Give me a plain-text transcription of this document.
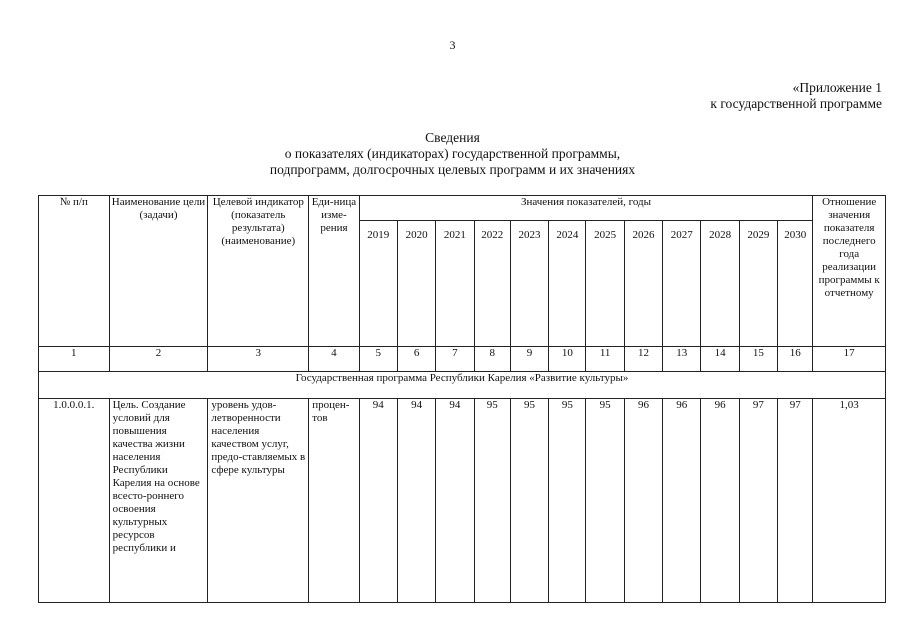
3
«Приложение 1
к государственной программе
Сведения
о показателях (индикаторах) государственной программы,
подпрограмм, долгосрочных целевых программ и их значениях
№ п/п	Наименование цели (задачи)	Целевой индикатор (показатель результата) (наименование)	Еди-ница изме-рения	Значения показателей, годы												Отношение значения показателя последнего года реализации программы к отчетному
				2019	2020	2021	2022	2023	2024	2025	2026	2027	2028	2029	2030	
1	2	3	4	5	6	7	8	9	10	11	12	13	14	15	16	17
Государственная программа Республики Карелия «Развитие культуры»																
1.0.0.0.1.	Цель. Создание условий для повышения качества жизни населения Республики Карелия на основе всесто-роннего освоения культурных ресурсов республики и	уровень удов-летворенности населения качеством услуг, предо-ставляемых в сфере культуры	процен-тов	94	94	94	95	95	95	95	96	96	96	97	97	1,03
